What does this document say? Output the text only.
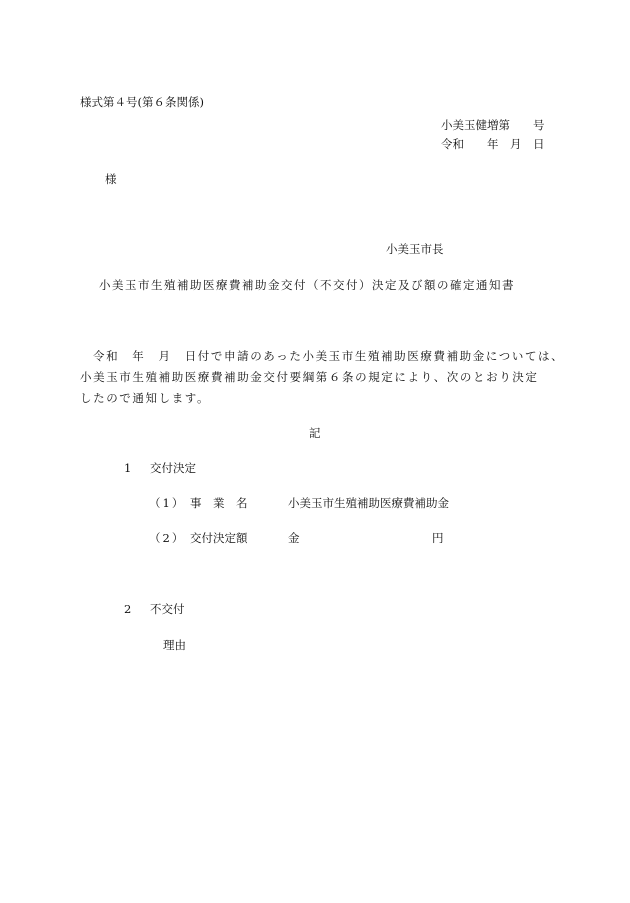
様式第４号(第６条関係)
小美玉健増第　　号
令和　　年　月　日
様
小美玉市長
小美玉市生殖補助医療費補助金交付（不交付）決定及び額の確定通知書
令和　年　月　日付で申請のあった小美玉市生殖補助医療費補助金については、
小美玉市生殖補助医療費補助金交付要綱第６条の規定により、次のとおり決定
したので通知します。
記
1 交付決定
（1） 事　業　名	小美玉市生殖補助医療費補助金
（2） 交付決定額	金	円
2 不交付
理由
